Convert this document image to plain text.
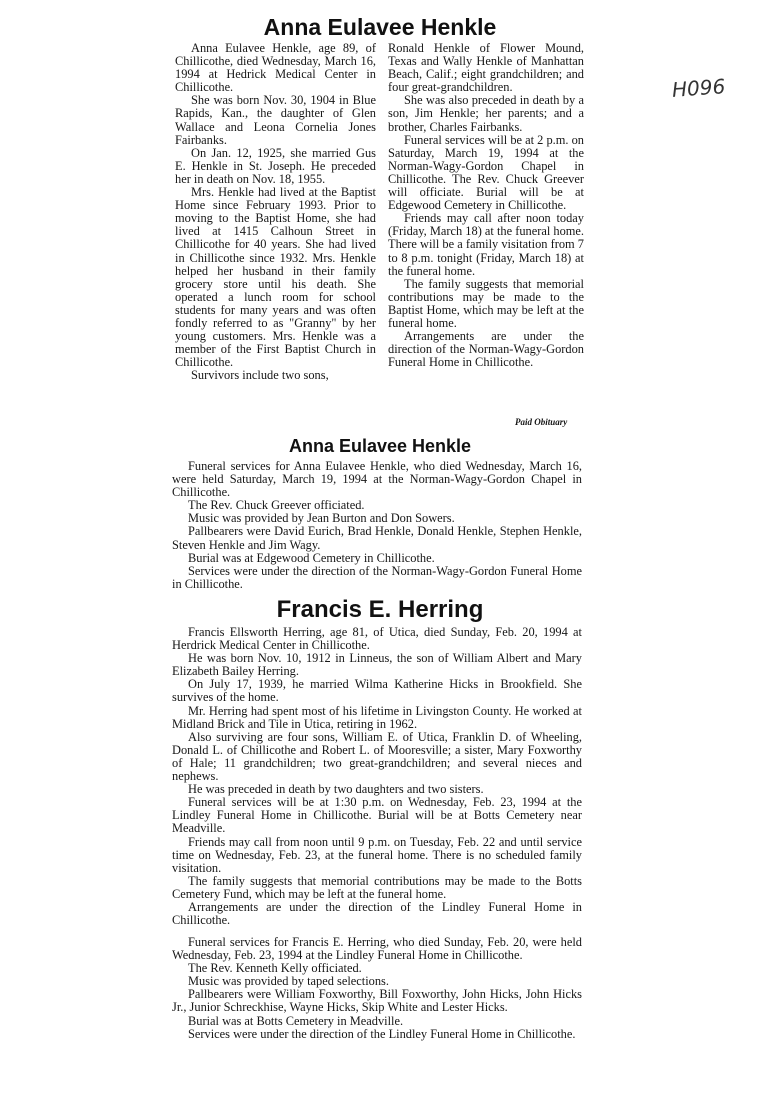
H096
Anna Eulavee Henkle

Anna Eulavee Henkle, age 89, of Chillicothe, died Wednesday, March 16, 1994 at Hedrick Medical Center in Chillicothe.

She was born Nov. 30, 1904 in Blue Rapids, Kan., the daughter of Glen Wallace and Leona Cornelia Jones Fairbanks.

On Jan. 12, 1925, she married Gus E. Henkle in St. Joseph. He preceded her in death on Nov. 18, 1955.

Mrs. Henkle had lived at the Baptist Home since February 1993. Prior to moving to the Baptist Home, she had lived at 1415 Calhoun Street in Chillicothe for 40 years. She had lived in Chillicothe since 1932. Mrs. Henkle helped her husband in their family grocery store until his death. She operated a lunch room for school students for many years and was often fondly referred to as "Granny" by her young customers. Mrs. Henkle was a member of the First Baptist Church in Chillicothe.

Survivors include two sons,

Ronald Henkle of Flower Mound, Texas and Wally Henkle of Manhattan Beach, Calif.; eight grandchildren; and four great-grandchildren.

She was also preceded in death by a son, Jim Henkle; her parents; and a brother, Charles Fairbanks.

Funeral services will be at 2 p.m. on Saturday, March 19, 1994 at the Norman-Wagy-Gordon Chapel in Chillicothe. The Rev. Chuck Greever will officiate. Burial will be at Edgewood Cemetery in Chillicothe.

Friends may call after noon today (Friday, March 18) at the funeral home. There will be a family visitation from 7 to 8 p.m. tonight (Friday, March 18) at the funeral home.

The family suggests that memorial contributions may be made to the Baptist Home, which may be left at the funeral home.

Arrangements are under the direction of the Norman-Wagy-Gordon Funeral Home in Chillicothe.

Paid Obituary
Anna Eulavee Henkle

Funeral services for Anna Eulavee Henkle, who died Wednesday, March 16, were held Saturday, March 19, 1994 at the Norman-Wagy-Gordon Chapel in Chillicothe.

The Rev. Chuck Greever officiated.

Music was provided by Jean Burton and Don Sowers.

Pallbearers were David Eurich, Brad Henkle, Donald Henkle, Stephen Henkle, Steven Henkle and Jim Wagy.

Burial was at Edgewood Cemetery in Chillicothe.

Services were under the direction of the Norman-Wagy-Gordon Funeral Home in Chillicothe.

Francis E. Herring

Francis Ellsworth Herring, age 81, of Utica, died Sunday, Feb. 20, 1994 at Herdrick Medical Center in Chillicothe.

He was born Nov. 10, 1912 in Linneus, the son of William Albert and Mary Elizabeth Bailey Herring.

On July 17, 1939, he married Wilma Katherine Hicks in Brookfield. She survives of the home.

Mr. Herring had spent most of his lifetime in Livingston County. He worked at Midland Brick and Tile in Utica, retiring in 1962.

Also surviving are four sons, William E. of Utica, Franklin D. of Wheeling, Donald L. of Chillicothe and Robert L. of Mooresville; a sister, Mary Foxworthy of Hale; 11 grandchildren; two great-grandchildren; and several nieces and nephews.

He was preceded in death by two daughters and two sisters.

Funeral services will be at 1:30 p.m. on Wednesday, Feb. 23, 1994 at the Lindley Funeral Home in Chillicothe. Burial will be at Botts Cemetery near Meadville.

Friends may call from noon until 9 p.m. on Tuesday, Feb. 22 and until service time on Wednesday, Feb. 23, at the funeral home. There is no scheduled family visitation.

The family suggests that memorial contributions may be made to the Botts Cemetery Fund, which may be left at the funeral home.

Arrangements are under the direction of the Lindley Funeral Home in Chillicothe.

Funeral services for Francis E. Herring, who died Sunday, Feb. 20, were held Wednesday, Feb. 23, 1994 at the Lindley Funeral Home in Chillicothe.

The Rev. Kenneth Kelly officiated.

Music was provided by taped selections.

Pallbearers were William Foxworthy, Bill Foxworthy, John Hicks, John Hicks Jr., Junior Schreckhise, Wayne Hicks, Skip White and Lester Hicks.

Burial was at Botts Cemetery in Meadville.

Services were under the direction of the Lindley Funeral Home in Chillicothe.
